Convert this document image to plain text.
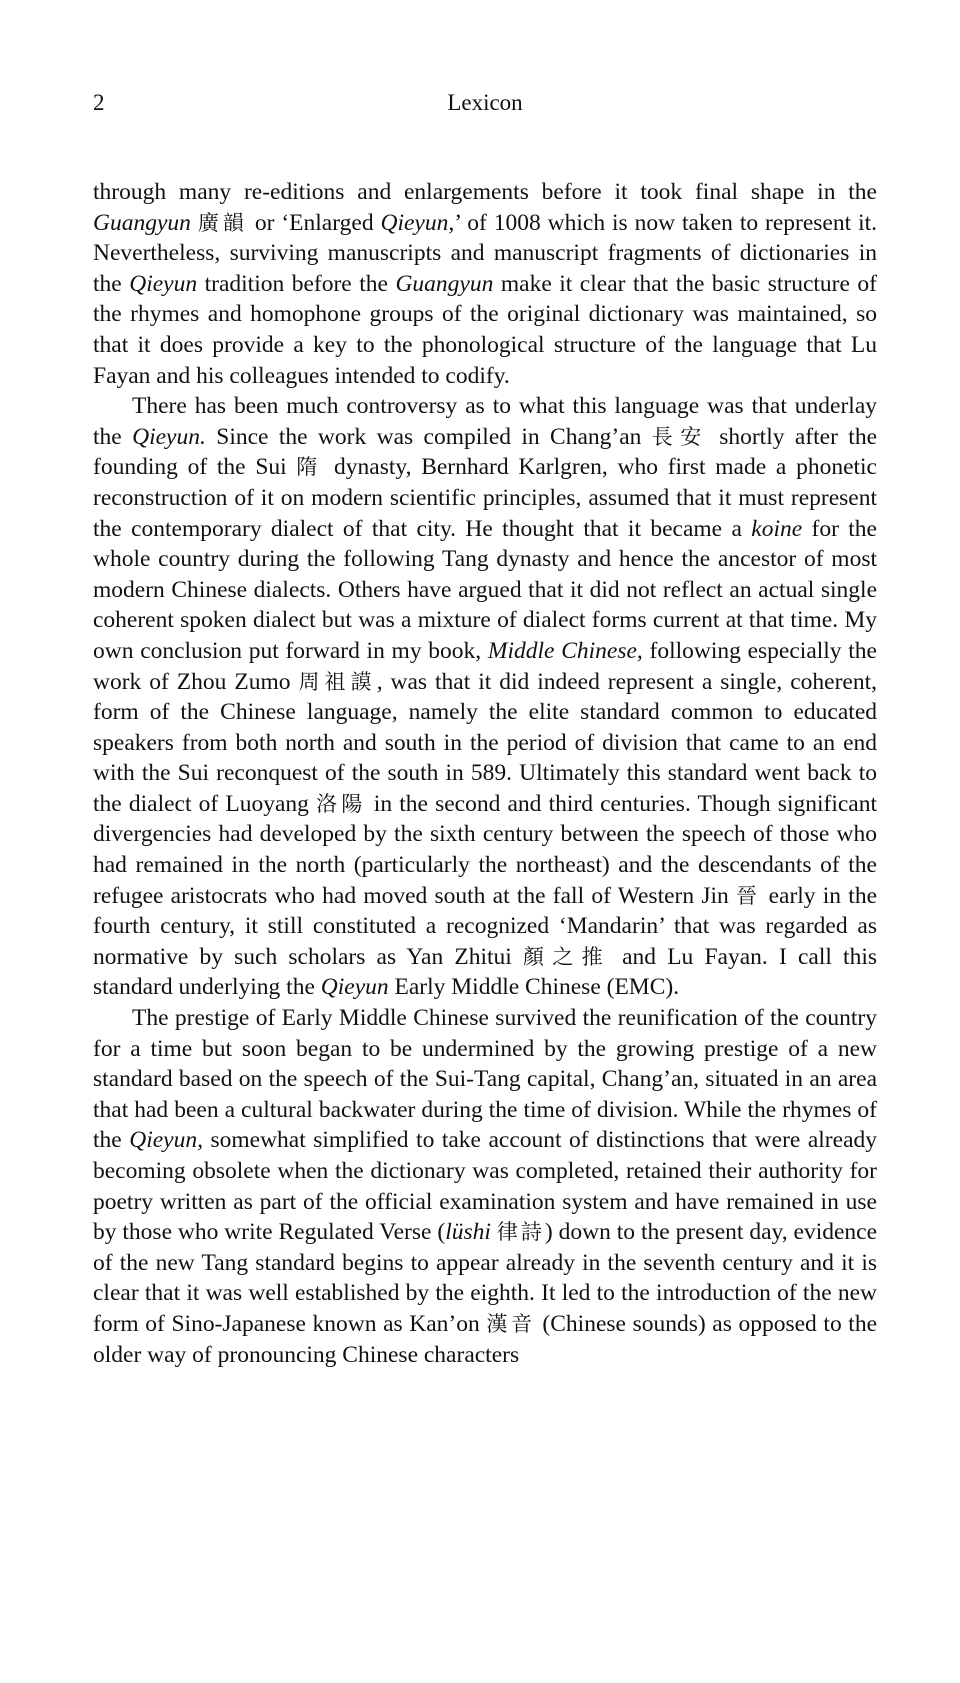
2	Lexicon

through many re-editions and enlargements before it took final shape in the Guangyun 廣韻 or ‘Enlarged Qieyun,’ of 1008 which is now taken to represent it. Nevertheless, surviving manuscripts and manuscript fragments of dictionaries in the Qieyun tradition before the Guangyun make it clear that the basic structure of the rhymes and homophone groups of the original dictionary was maintained, so that it does provide a key to the phonological structure of the language that Lu Fayan and his colleagues intended to codify.

There has been much controversy as to what this language was that underlay the Qieyun. Since the work was compiled in Chang’an 長安 shortly after the founding of the Sui 隋 dynasty, Bernhard Karlgren, who first made a phonetic reconstruction of it on modern scientific principles, assumed that it must represent the contemporary dialect of that city. He thought that it became a koine for the whole country during the following Tang dynasty and hence the ancestor of most modern Chinese dialects. Others have argued that it did not reflect an actual single coherent spoken dialect but was a mixture of dialect forms current at that time. My own conclusion put forward in my book, Middle Chinese, following especially the work of Zhou Zumo 周祖謨, was that it did indeed represent a single, coherent, form of the Chinese language, namely the elite standard common to educated speakers from both north and south in the period of division that came to an end with the Sui reconquest of the south in 589. Ultimately this standard went back to the dialect of Luoyang 洛陽 in the second and third centuries. Though significant divergencies had developed by the sixth century between the speech of those who had remained in the north (particularly the northeast) and the descendants of the refugee aristocrats who had moved south at the fall of Western Jin 晉 early in the fourth century, it still constituted a recognized ‘Mandarin’ that was regarded as normative by such scholars as Yan Zhitui 顏之推 and Lu Fayan. I call this standard underlying the Qieyun Early Middle Chinese (EMC).

The prestige of Early Middle Chinese survived the reunification of the country for a time but soon began to be undermined by the growing prestige of a new standard based on the speech of the Sui-Tang capital, Chang’an, situated in an area that had been a cultural backwater during the time of division. While the rhymes of the Qieyun, somewhat simplified to take account of distinctions that were already becoming obsolete when the dictionary was completed, retained their authority for poetry written as part of the official examination system and have remained in use by those who write Regulated Verse (lüshi 律詩) down to the present day, evidence of the new Tang standard begins to appear already in the seventh century and it is clear that it was well established by the eighth. It led to the introduction of the new form of Sino-Japanese known as Kan’on 漢音 (Chinese sounds) as opposed to the older way of pronouncing Chinese characters
